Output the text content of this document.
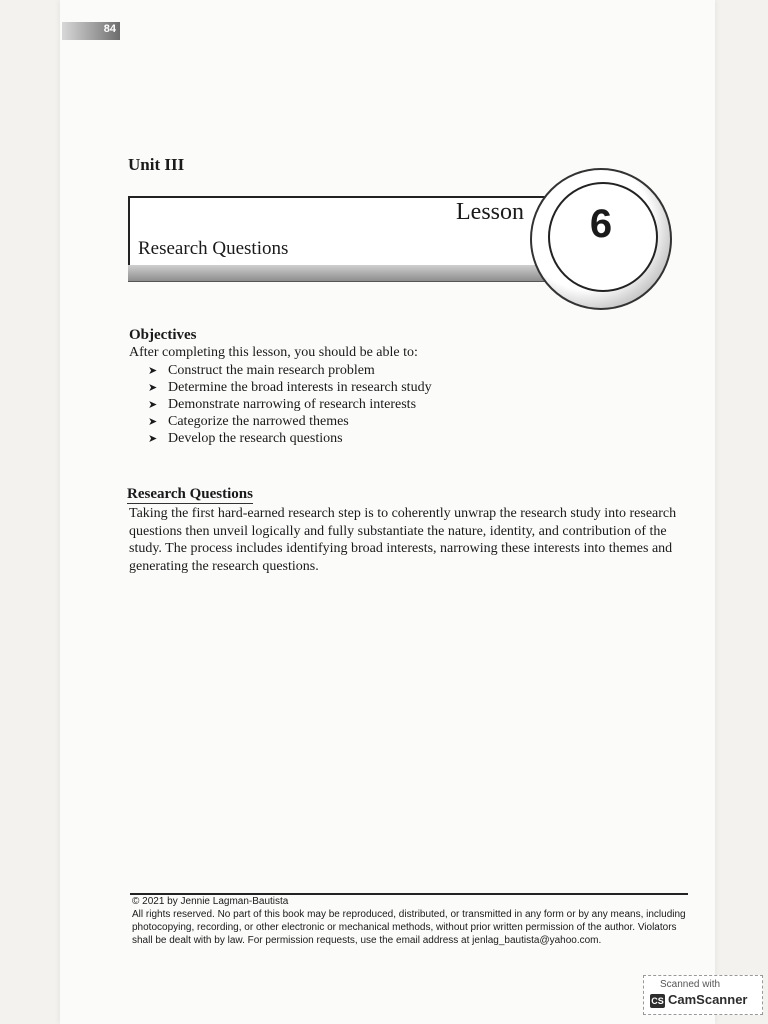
84
Unit III
Lesson
Research Questions
6
Objectives
After completing this lesson, you should be able to:
➤ Construct the main research problem
➤ Determine the broad interests in research study
➤ Demonstrate narrowing of research interests
➤ Categorize the narrowed themes
➤ Develop the research questions
Research Questions
Taking the first hard-earned research step is to coherently unwrap the research study into research questions then unveil logically and fully substantiate the nature, identity, and contribution of the study. The process includes identifying broad interests, narrowing these interests into themes and generating the research questions.
© 2021 by Jennie Lagman-Bautista
All rights reserved. No part of this book may be reproduced, distributed, or transmitted in any form or by any means, including photocopying, recording, or other electronic or mechanical methods, without prior written permission of the author. Violators shall be dealt with by law. For permission requests, use the email address at jenlag_bautista@yahoo.com.
Scanned with
CS CamScanner
